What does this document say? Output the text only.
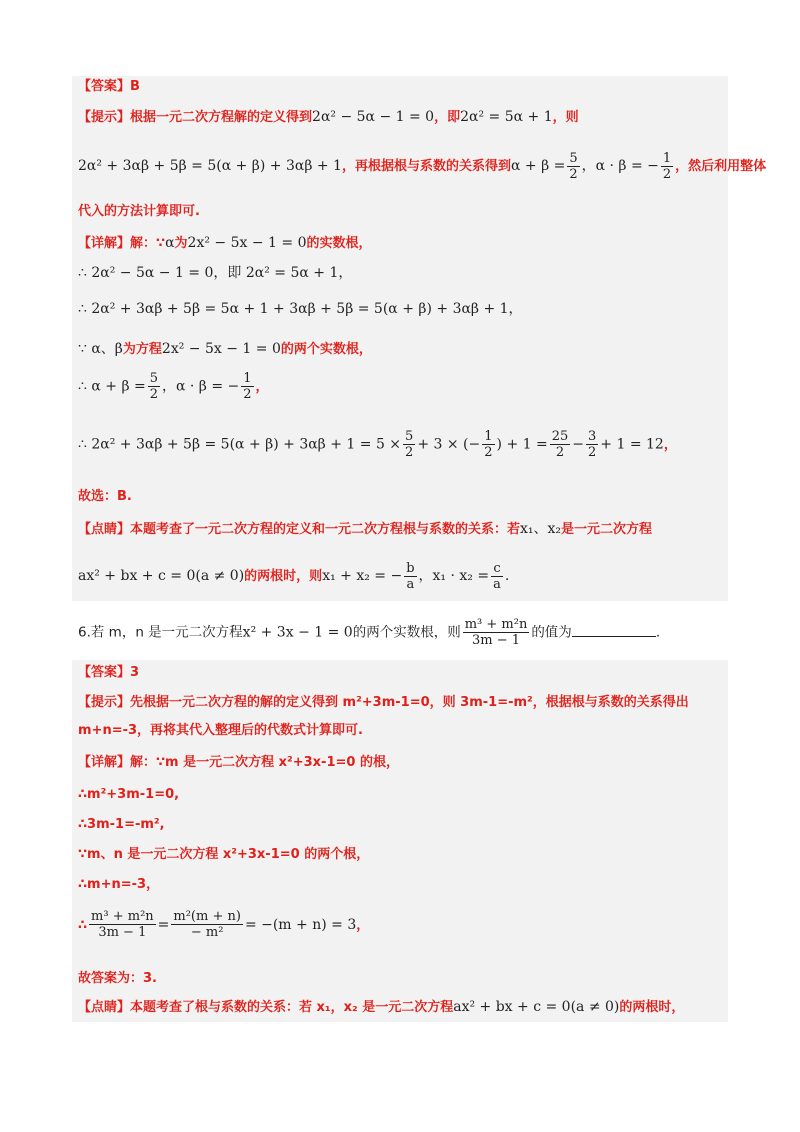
【答案】B
【提示】根据一元二次方程解的定义得到2α² − 5α − 1 = 0，即2α² = 5α + 1，则
2α² + 3αβ + 5β = 5(α + β) + 3αβ + 1，再根据根与系数的关系得到$\alpha + \beta = \frac{5}{2}$ ，α · β = − $\frac{1}{2}$ ，然后利用整体
代入的方法计算即可.
【详解】解：∵α为2x² − 5x − 1 = 0的实数根，
∴ 2α² − 5α − 1 = 0，即 2α² = 5α + 1，
∴ 2α² + 3αβ + 5β = 5α + 1 + 3αβ + 5β = 5(α + β) + 3αβ + 1，
∵ α、β为方程2x² − 5x − 1 = 0的两个实数根，
∴ $\alpha + \beta = \frac{5}{2}$ ，α · β = − $\frac{1}{2}$ ，
∴ $2\alpha^2 + 3\alpha\beta + 5\beta = 5(\alpha + \beta) + 3\alpha\beta + 1 = 5 \times \frac{5}{2} + 3$ × (− $\frac{1}{2}$ ) + $1 = \frac{25}{2} - \frac{3}{2} + 1 = 12$，
故选：B.
【点睛】本题考查了一元二次方程的定义和一元二次方程根与系数的关系：若x₁、x₂是一元二次方程
ax² + bx + c = 0(a ≠ 0)的两根时，则x₁ + x₂ = − $\frac{b}{a}$ ，$x_1 \cdot x_2 = \frac{c}{a}$ .
6.若 m，n 是一元二次方程x² + 3x − 1 = 0的两个实数根，则 $\frac{\text{m³ + m²n}}{3m - 1}$ 的值为	.
【答案】3
【提示】先根据一元二次方程的解的定义得到 m²+3m-1=0，则 3m-1=-m²，根据根与系数的关系得出
m+n=-3，再将其代入整理后的代数式计算即可.
【详解】解：∵m 是一元二次方程 x²+3x-1=0 的根，
∴m²+3m-1=0,
∴3m-1=-m²,
∵m、n 是一元二次方程 x²+3x-1=0 的两个根，
∴m+n=-3，
∴ $\frac{\text{m³ + m²n}}{3m - 1} = \frac{\text{m²(m + n)}}{\text{− m²}} = -(m + n) = 3$，
故答案为：3.
【点睛】本题考查了根与系数的关系：若 x₁，x₂ 是一元二次方程ax² + bx + c = 0(a ≠ 0)的两根时，
